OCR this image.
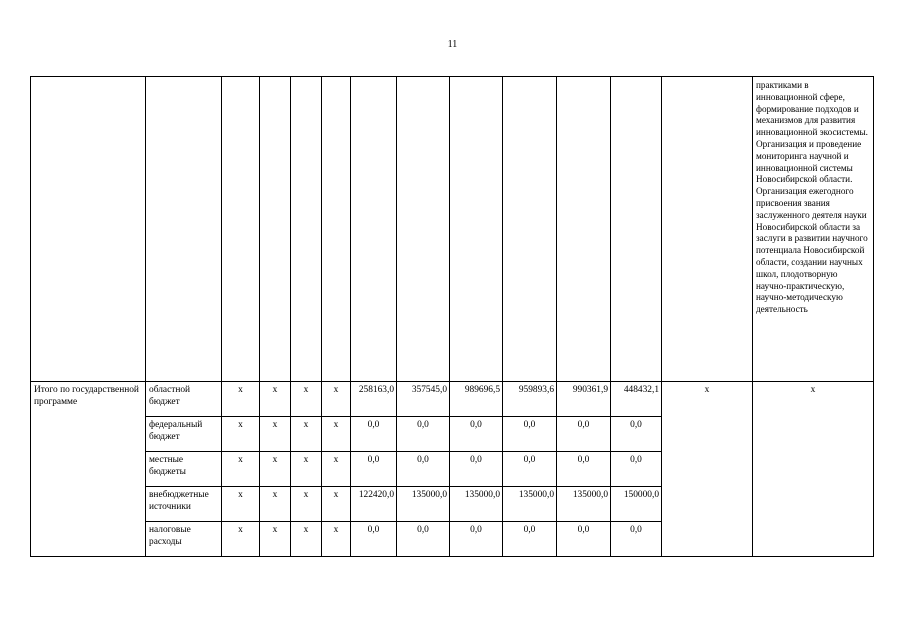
11
													практиками в инновационной сфере, формирование подходов и механизмов для развития инновационной экосистемы. Организация и проведение мониторинга научной и инновационной системы Новосибирской области. Организация ежегодного присвоения звания заслуженного деятеля науки Новосибирской области за заслуги в развитии научного потенциала Новосибирской области, создании научных школ, плодотворную научно-практическую, научно-методическую деятельность
Итого по государственной программе	областной бюджет	х	х	х	х	258163,0	357545,0	989696,5	959893,6	990361,9	448432,1	х	х
	федеральный бюджет	х	х	х	х	0,0	0,0	0,0	0,0	0,0	0,0		
	местные бюджеты	х	х	х	х	0,0	0,0	0,0	0,0	0,0	0,0		
	внебюджетные источники	х	х	х	х	122420,0	135000,0	135000,0	135000,0	135000,0	150000,0		
	налоговые расходы	х	х	х	х	0,0	0,0	0,0	0,0	0,0	0,0		
